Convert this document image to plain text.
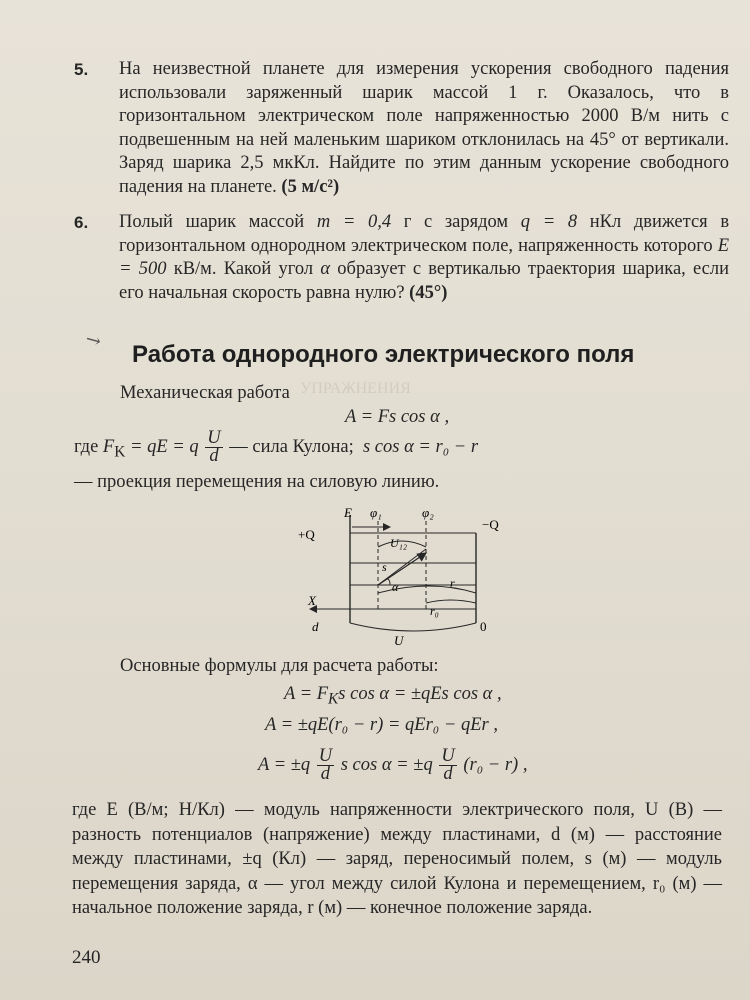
УПРАЖНЕНИЯ
5. На неизвестной планете для измерения ускорения свободного падения использовали заряженный шарик массой 1 г. Оказалось, что в горизонтальном электрическом поле напряженностью 2000 В/м нить с подвешенным на ней маленьким шариком отклонилась на 45° от вертикали. Заряд шарика 2,5 мкКл. Найдите по этим данным ускорение свободного падения на планете. (5 м/с²)
6. Полый шарик массой m = 0,4 г с зарядом q = 8 нКл движется в горизонтальном однородном электрическом поле, напряженность которого E = 500 кВ/м. Какой угол α образует с вертикалью траектория шарика, если его начальная скорость равна нулю? (45°)
↘
Работа однородного электрического поля
Механическая работа
A = Fs cos α ,
где $F_K$ = qE = q $\frac{U}{d}$ — сила Кулона; s cos α = r₀ − r
— проекция перемещения на силовую линию.
E φ₁	φ₂
+Q
−Q
U₁₂
s
α	r
r₀
X
d	0
U
Основные формулы для расчета работы:
$A = F_Ks$ cos α = ±qEs cos α ,
A = ±qE(r₀ − r) = qEr₀ − qEr ,
$A = \pm q \frac{U}{d}$ s $\cos \alpha = \pm q \frac{U}{d} (r_0 - r)$ ,
где E (В/м; Н/Кл) — модуль напряженности электрического поля, U (В) — разность потенциалов (напряжение) между пластинами, d (м) — расстояние между пластинами, ±q (Кл) — заряд, переносимый полем, s (м) — модуль перемещения заряда, α — угол между силой Кулона и перемещением, r₀ (м) — начальное положение заряда, r (м) — конечное положение заряда.
240
